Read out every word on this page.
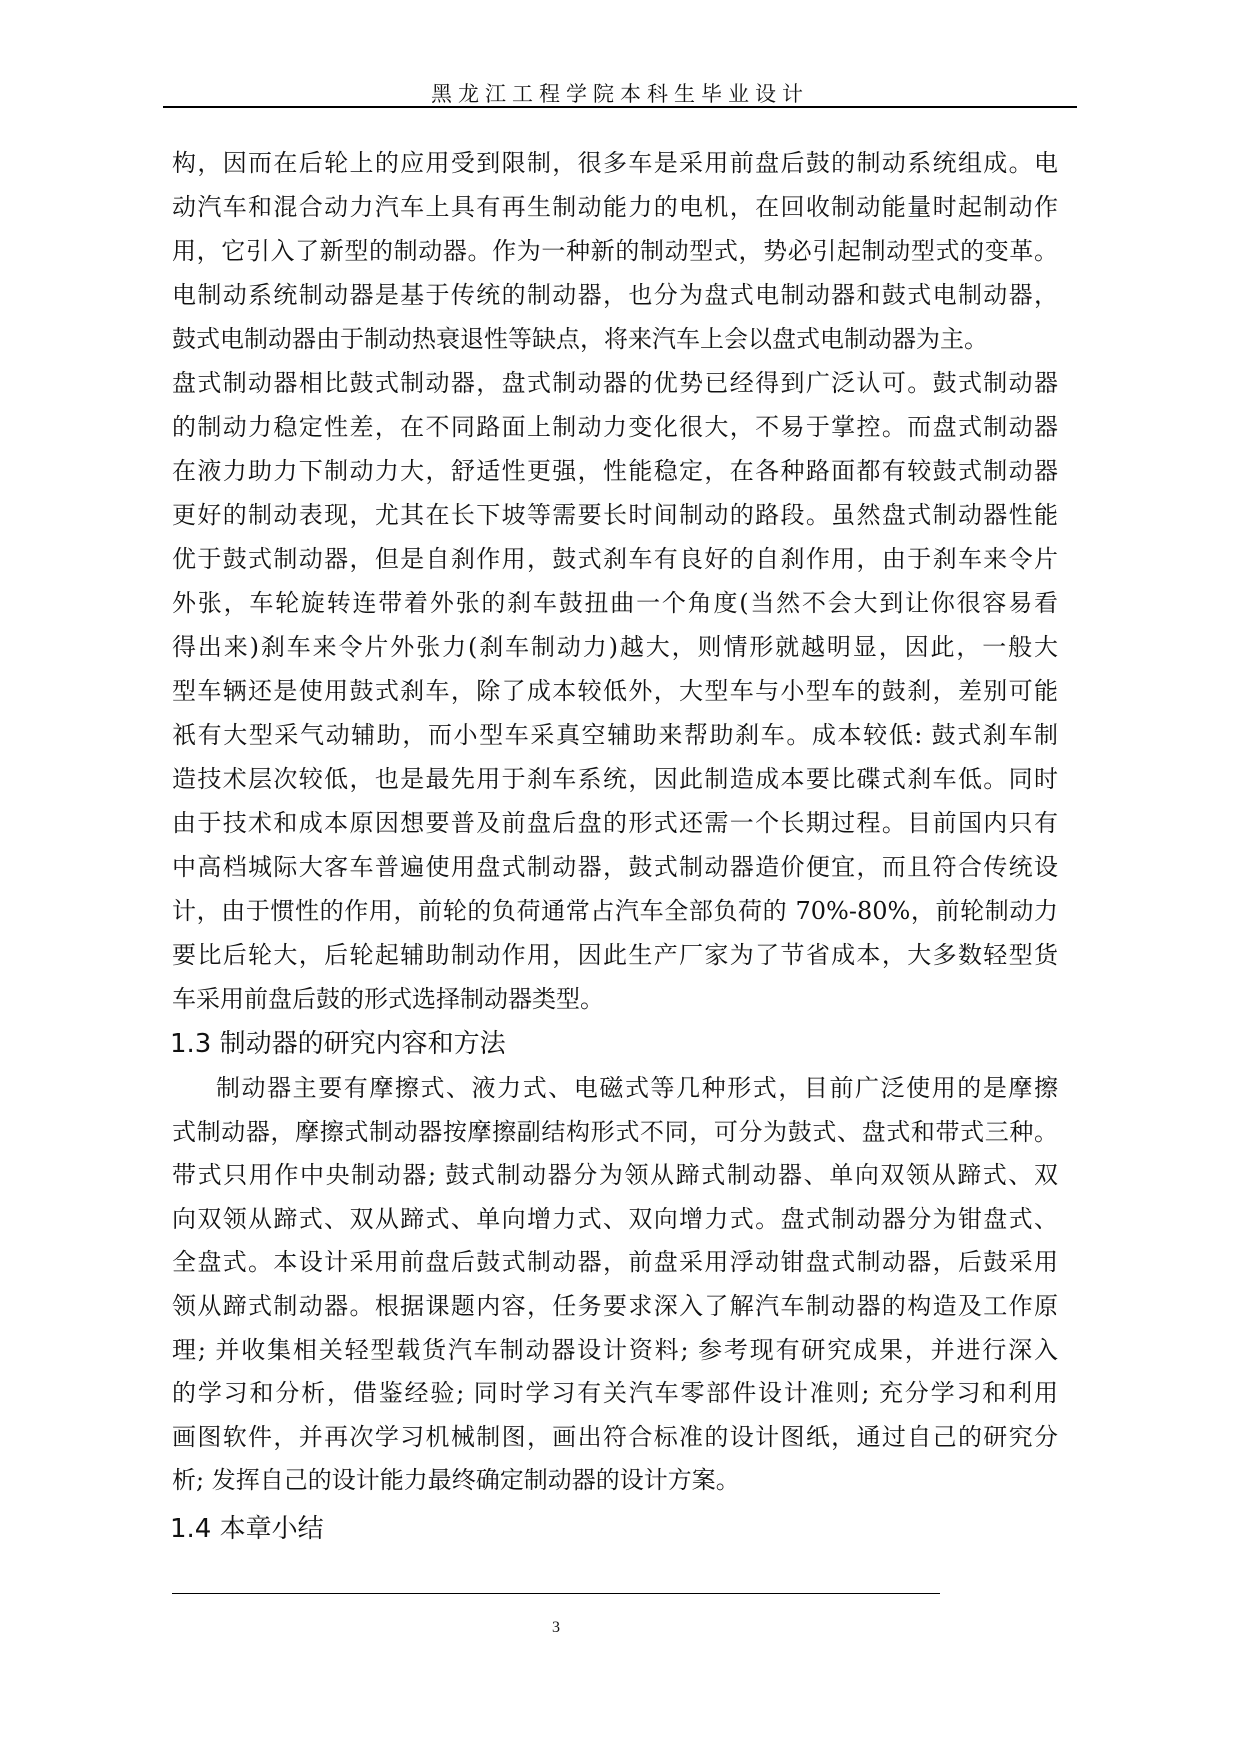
黑龙江工程学院本科生毕业设计
构，因而在后轮上的应用受到限制，很多车是采用前盘后鼓的制动系统组成。电
动汽车和混合动力汽车上具有再生制动能力的电机，在回收制动能量时起制动作
用，它引入了新型的制动器。作为一种新的制动型式，势必引起制动型式的变革。
电制动系统制动器是基于传统的制动器，也分为盘式电制动器和鼓式电制动器，
鼓式电制动器由于制动热衰退性等缺点，将来汽车上会以盘式电制动器为主。
盘式制动器相比鼓式制动器，盘式制动器的优势已经得到广泛认可。鼓式制动器
的制动力稳定性差，在不同路面上制动力变化很大，不易于掌控。而盘式制动器
在液力助力下制动力大，舒适性更强，性能稳定，在各种路面都有较鼓式制动器
更好的制动表现，尤其在长下坡等需要长时间制动的路段。虽然盘式制动器性能
优于鼓式制动器，但是自刹作用，鼓式刹车有良好的自刹作用，由于刹车来令片
外张，车轮旋转连带着外张的刹车鼓扭曲一个角度(当然不会大到让你很容易看
得出来)刹车来令片外张力(刹车制动力)越大，则情形就越明显，因此，一般大
型车辆还是使用鼓式刹车，除了成本较低外，大型车与小型车的鼓刹，差别可能
祇有大型采气动辅助，而小型车采真空辅助来帮助刹车。成本较低: 鼓式刹车制
造技术层次较低，也是最先用于刹车系统，因此制造成本要比碟式刹车低。同时
由于技术和成本原因想要普及前盘后盘的形式还需一个长期过程。目前国内只有
中高档城际大客车普遍使用盘式制动器，鼓式制动器造价便宜，而且符合传统设
计，由于惯性的作用，前轮的负荷通常占汽车全部负荷的 70%-80%，前轮制动力
要比后轮大，后轮起辅助制动作用，因此生产厂家为了节省成本，大多数轻型货
车采用前盘后鼓的形式选择制动器类型。
1.3 制动器的研究内容和方法
制动器主要有摩擦式、液力式、电磁式等几种形式，目前广泛使用的是摩擦
式制动器，摩擦式制动器按摩擦副结构形式不同，可分为鼓式、盘式和带式三种。
带式只用作中央制动器; 鼓式制动器分为领从蹄式制动器、单向双领从蹄式、双
向双领从蹄式、双从蹄式、单向增力式、双向增力式。盘式制动器分为钳盘式、
全盘式。本设计采用前盘后鼓式制动器，前盘采用浮动钳盘式制动器，后鼓采用
领从蹄式制动器。根据课题内容，任务要求深入了解汽车制动器的构造及工作原
理; 并收集相关轻型载货汽车制动器设计资料; 参考现有研究成果，并进行深入
的学习和分析，借鉴经验; 同时学习有关汽车零部件设计准则; 充分学习和利用
画图软件，并再次学习机械制图，画出符合标准的设计图纸，通过自己的研究分
析; 发挥自己的设计能力最终确定制动器的设计方案。
1.4 本章小结
3
